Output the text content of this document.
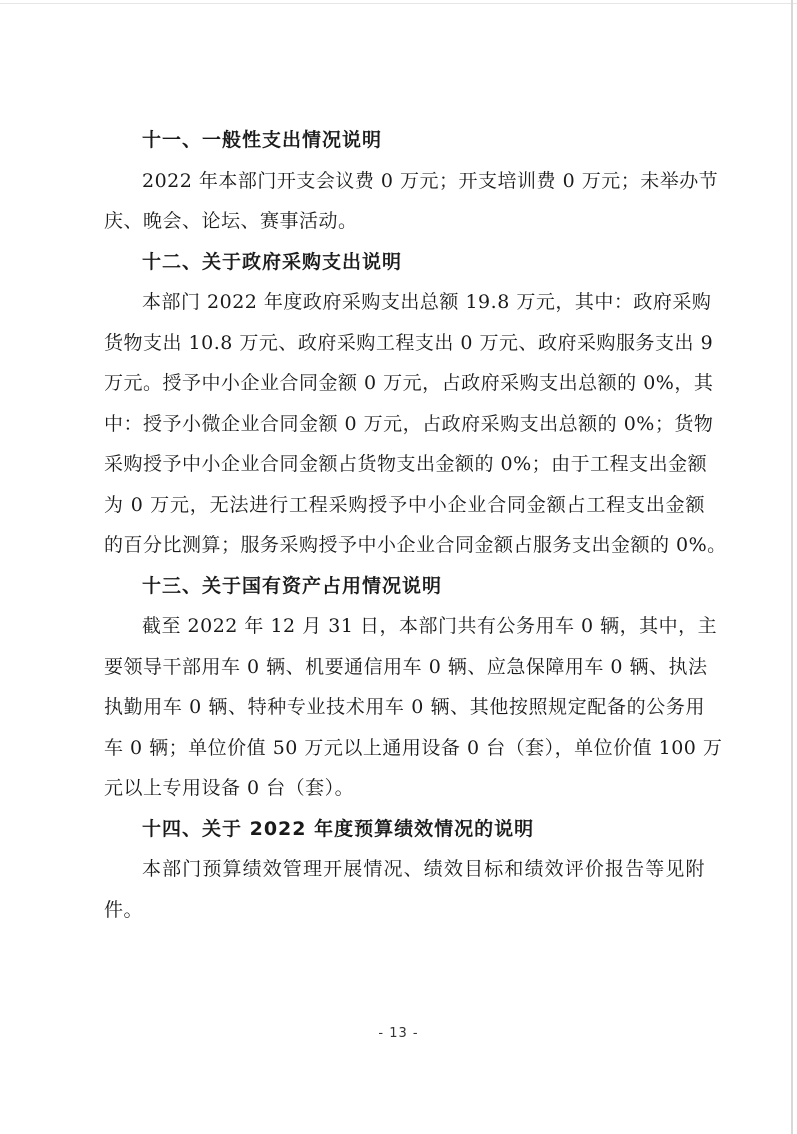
十一、一般性支出情况说明

2022 年本部门开支会议费 0 万元；开支培训费 0 万元；未举办节

庆、晚会、论坛、赛事活动。

十二、关于政府采购支出说明

本部门 2022 年度政府采购支出总额 19.8 万元，其中：政府采购

货物支出 10.8 万元、政府采购工程支出 0 万元、政府采购服务支出 9

万元。授予中小企业合同金额 0 万元，占政府采购支出总额的 0%，其

中：授予小微企业合同金额 0 万元，占政府采购支出总额的 0%；货物

采购授予中小企业合同金额占货物支出金额的 0%；由于工程支出金额

为 0 万元，无法进行工程采购授予中小企业合同金额占工程支出金额

的百分比测算；服务采购授予中小企业合同金额占服务支出金额的 0%。

十三、关于国有资产占用情况说明

截至 2022 年 12 月 31 日，本部门共有公务用车 0 辆，其中，主

要领导干部用车 0 辆、机要通信用车 0 辆、应急保障用车 0 辆、执法

执勤用车 0 辆、特种专业技术用车 0 辆、其他按照规定配备的公务用

车 0 辆；单位价值 50 万元以上通用设备 0 台（套），单位价值 100 万

元以上专用设备 0 台（套）。

十四、关于 2022 年度预算绩效情况的说明

本部门预算绩效管理开展情况、绩效目标和绩效评价报告等见附

件。

- 13 -
